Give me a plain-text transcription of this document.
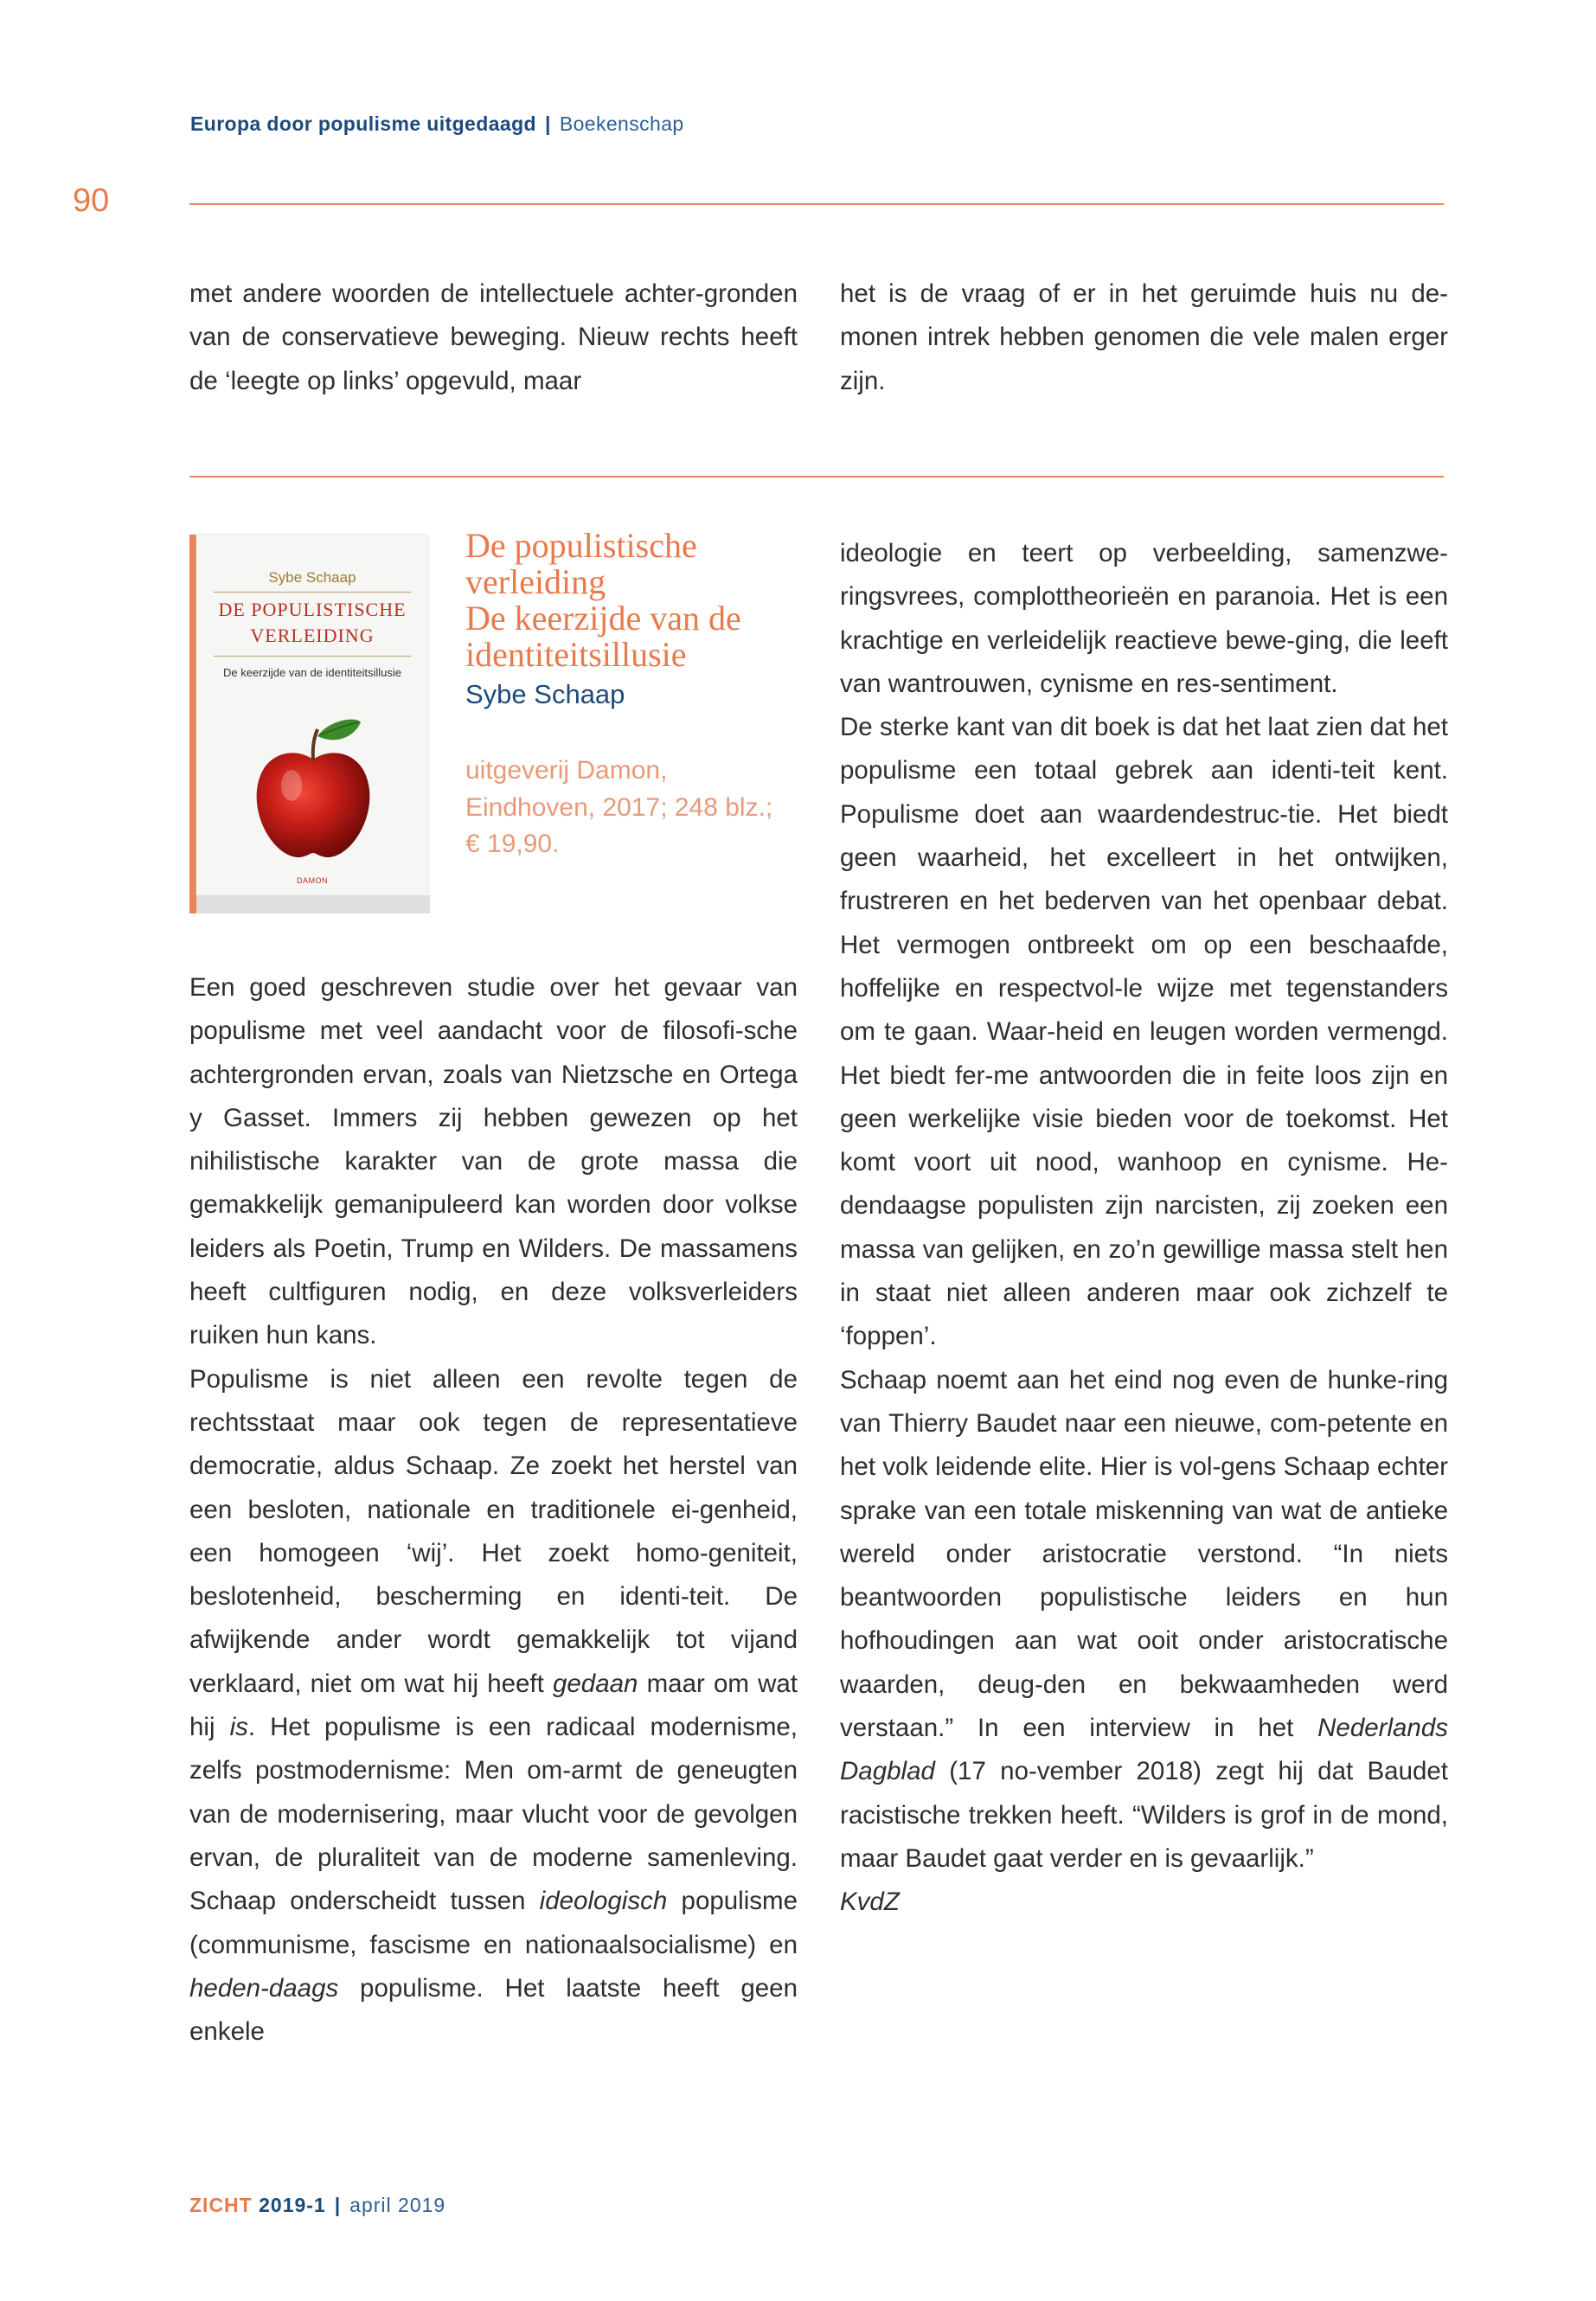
Europa door populisme uitgedaagd | Boekenschap
90

met andere woorden de intellectuele achter-gronden van de conservatieve beweging. Nieuw rechts heeft de ‘leegte op links’ opgevuld, maar

het is de vraag of er in het geruimde huis nu de-monen intrek hebben genomen die vele malen erger zijn.

Sybe Schaap
DE POPULISTISCHE
VERLEIDING
De keerzijde van de identiteitsillusie
DAMON
De populistische
verleiding
De keerzijde van de
identiteitsillusie
Sybe Schaap
uitgeverij Damon,
Eindhoven, 2017; 248 blz.;
€ 19,90.

Een goed geschreven studie over het gevaar van populisme met veel aandacht voor de filosofi-sche achtergronden ervan, zoals van Nietzsche en Ortega y Gasset. Immers zij hebben gewezen op het nihilistische karakter van de grote massa die gemakkelijk gemanipuleerd kan worden door volkse leiders als Poetin, Trump en Wilders. De massamens heeft cultfiguren nodig, en deze volksverleiders ruiken hun kans.

Populisme is niet alleen een revolte tegen de rechtsstaat maar ook tegen de representatieve democratie, aldus Schaap. Ze zoekt het herstel van een besloten, nationale en traditionele ei-genheid, een homogeen ‘wij’. Het zoekt homo-geniteit, beslotenheid, bescherming en identi-teit. De afwijkende ander wordt gemakkelijk tot vijand verklaard, niet om wat hij heeft gedaan maar om wat hij is. Het populisme is een radicaal modernisme, zelfs postmodernisme: Men om-armt de geneugten van de modernisering, maar vlucht voor de gevolgen ervan, de pluraliteit van de moderne samenleving. Schaap onderscheidt tussen ideologisch populisme (communisme, fascisme en nationaalsocialisme) en heden-daags populisme. Het laatste heeft geen enkele

ideologie en teert op verbeelding, samenzwe-ringsvrees, complottheorieën en paranoia. Het is een krachtige en verleidelijk reactieve bewe-ging, die leeft van wantrouwen, cynisme en res-sentiment.

De sterke kant van dit boek is dat het laat zien dat het populisme een totaal gebrek aan identi-teit kent. Populisme doet aan waardendestruc-tie. Het biedt geen waarheid, het excelleert in het ontwijken, frustreren en het bederven van het openbaar debat. Het vermogen ontbreekt om op een beschaafde, hoffelijke en respectvol-le wijze met tegenstanders om te gaan. Waar-heid en leugen worden vermengd. Het biedt fer-me antwoorden die in feite loos zijn en geen werkelijke visie bieden voor de toekomst. Het komt voort uit nood, wanhoop en cynisme. He-dendaagse populisten zijn narcisten, zij zoeken een massa van gelijken, en zo’n gewillige massa stelt hen in staat niet alleen anderen maar ook zichzelf te ‘foppen’.

Schaap noemt aan het eind nog even de hunke-ring van Thierry Baudet naar een nieuwe, com-petente en het volk leidende elite. Hier is vol-gens Schaap echter sprake van een totale miskenning van wat de antieke wereld onder aristocratie verstond. “In niets beantwoorden populistische leiders en hun hofhoudingen aan wat ooit onder aristocratische waarden, deug-den en bekwaamheden werd verstaan.” In een interview in het Nederlands Dagblad (17 no-vember 2018) zegt hij dat Baudet racistische trekken heeft. “Wilders is grof in de mond, maar Baudet gaat verder en is gevaarlijk.”

KvdZ

ZICHT 2019-1 | april 2019
